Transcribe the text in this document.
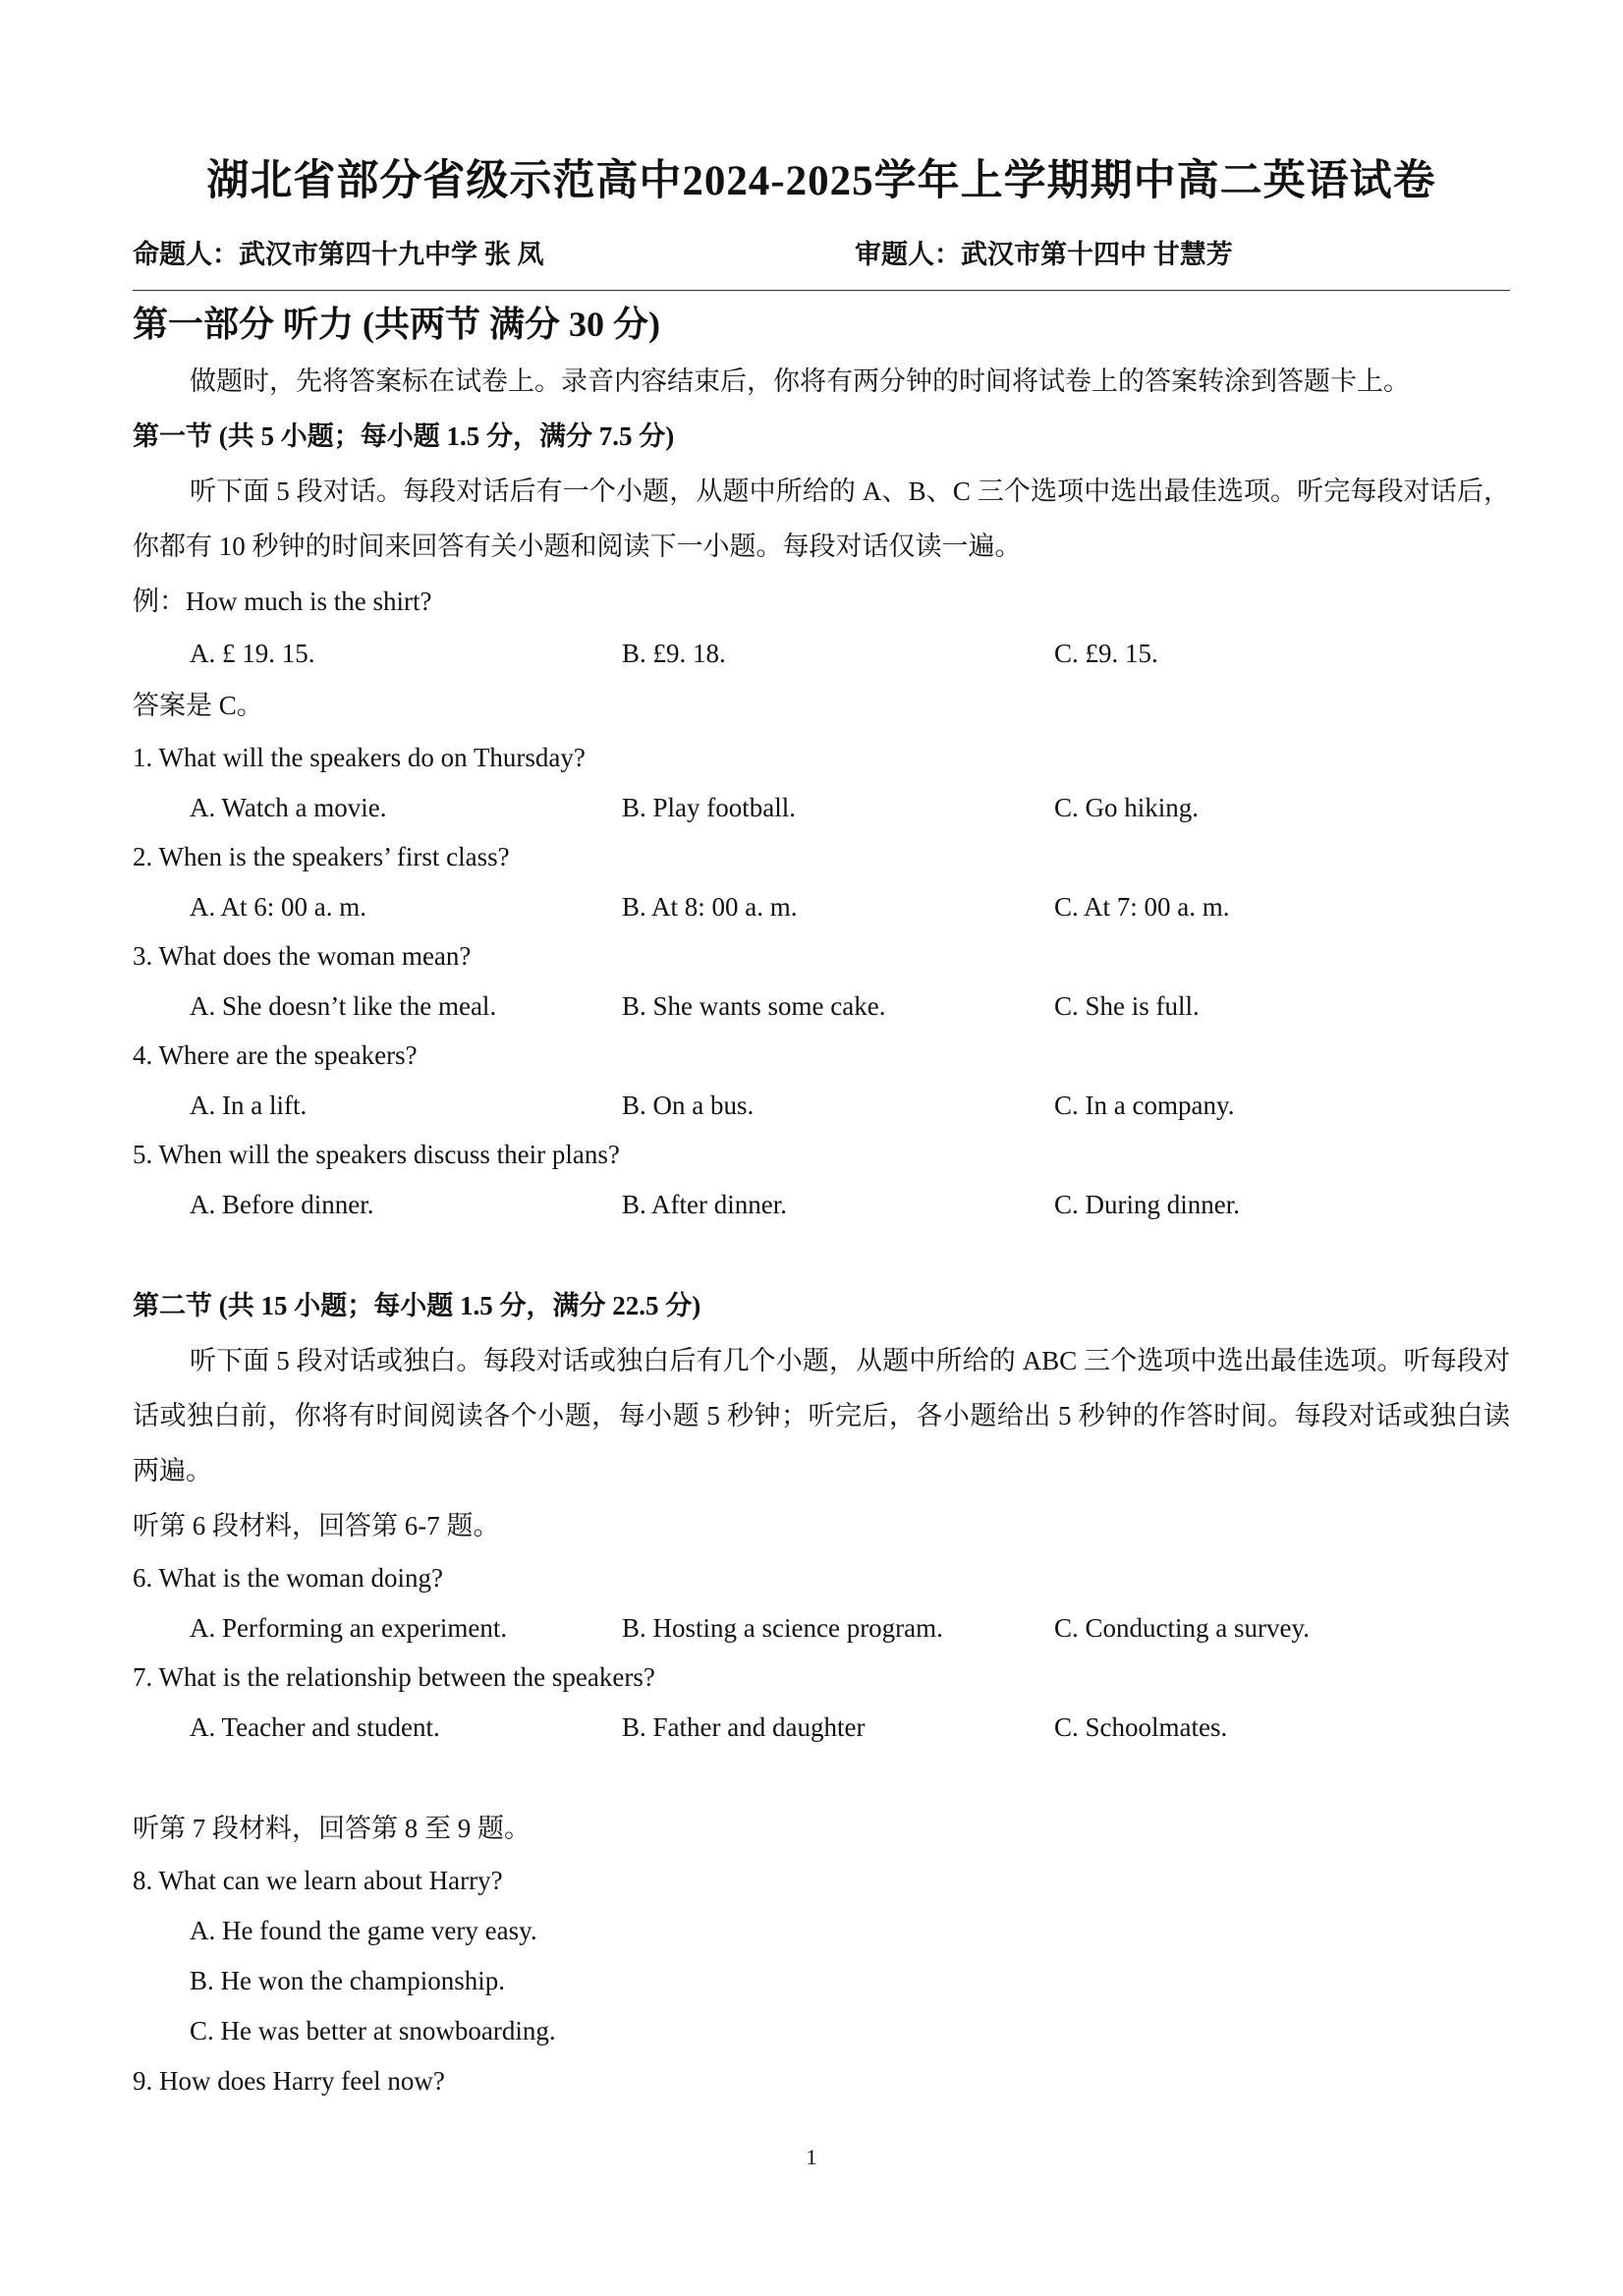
湖北省部分省级示范高中2024-2025学年上学期期中高二英语试卷
命题人：武汉市第四十九中学 张 凤	审题人：武汉市第十四中 甘慧芳
第一部分 听力 (共两节 满分 30 分)
做题时，先将答案标在试卷上。录音内容结束后，你将有两分钟的时间将试卷上的答案转涂到答题卡上。
第一节 (共 5 小题；每小题 1.5 分，满分 7.5 分)
听下面 5 段对话。每段对话后有一个小题，从题中所给的 A、B、C 三个选项中选出最佳选项。听完每段对话后，你都有 10 秒钟的时间来回答有关小题和阅读下一小题。每段对话仅读一遍。
例：How much is the shirt?
A. £ 19. 15.	B. £9. 18.	C. £9. 15.
答案是 C。
1. What will the speakers do on Thursday?
A. Watch a movie.	B. Play football.	C. Go hiking.
2. When is the speakers’ first class?
A. At 6: 00 a. m.	B. At 8: 00 a. m.	C. At 7: 00 a. m.
3. What does the woman mean?
A. She doesn’t like the meal.	B. She wants some cake.	C. She is full.
4. Where are the speakers?
A. In a lift.	B. On a bus.	C. In a company.
5. When will the speakers discuss their plans?
A. Before dinner.	B. After dinner.	C. During dinner.
第二节 (共 15 小题；每小题 1.5 分，满分 22.5 分)
听下面 5 段对话或独白。每段对话或独白后有几个小题，从题中所给的 ABC 三个选项中选出最佳选项。听每段对话或独白前，你将有时间阅读各个小题，每小题 5 秒钟；听完后，各小题给出 5 秒钟的作答时间。每段对话或独白读两遍。
听第 6 段材料，回答第 6-7 题。
6. What is the woman doing?
A. Performing an experiment.	B. Hosting a science program.	C. Conducting a survey.
7. What is the relationship between the speakers?
A. Teacher and student.	B. Father and daughter	C. Schoolmates.
听第 7 段材料，回答第 8 至 9 题。
8. What can we learn about Harry?
A. He found the game very easy.
B. He won the championship.
C. He was better at snowboarding.
9. How does Harry feel now?
1
